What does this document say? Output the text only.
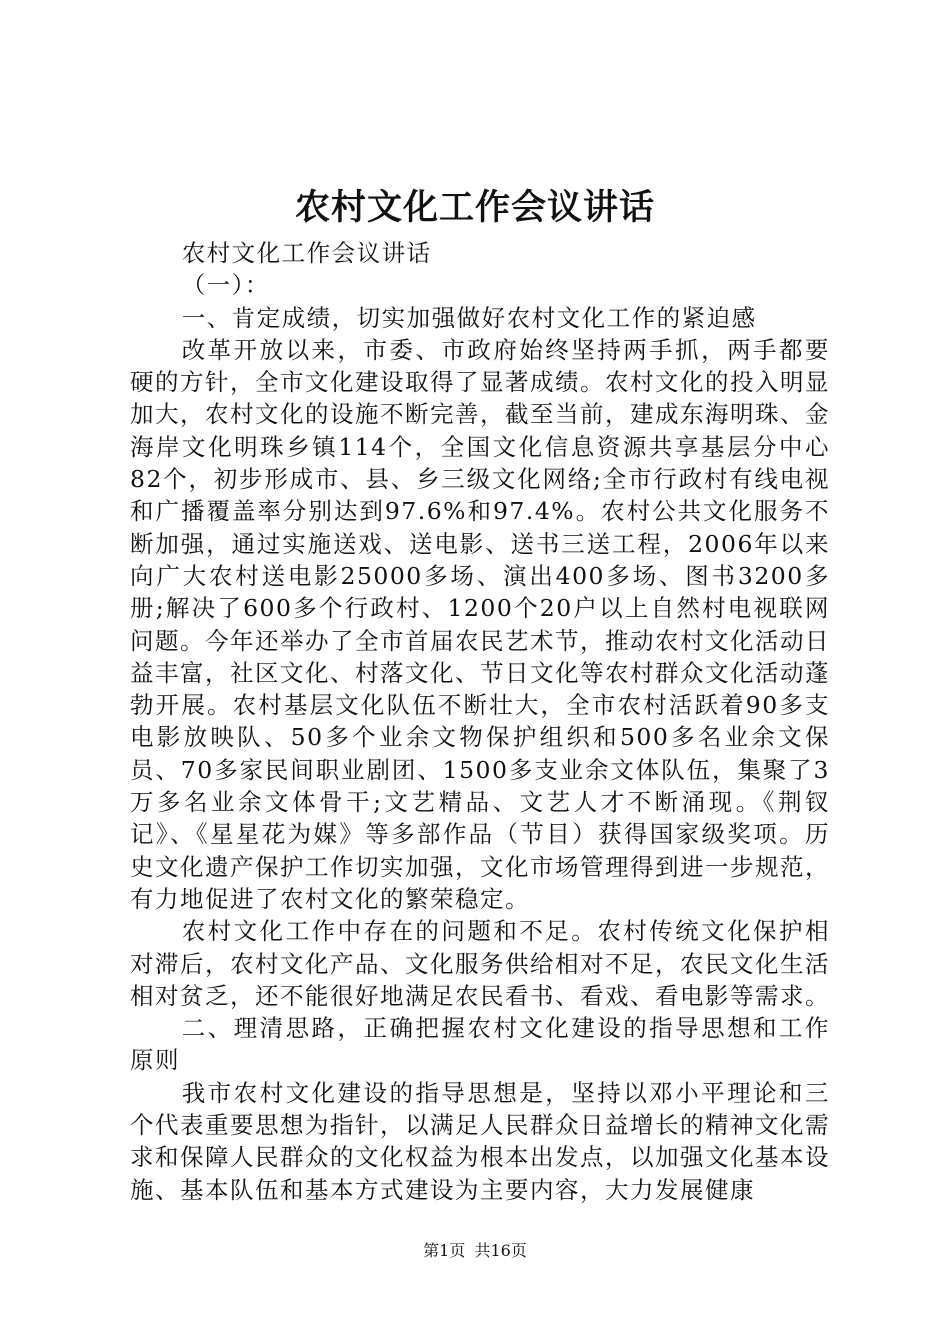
农村文化工作会议讲话

农村文化工作会议讲话

（一）：

一、肯定成绩，切实加强做好农村文化工作的紧迫感

改革开放以来，市委、市政府始终坚持两手抓，两手都要硬的方针，全市文化建设取得了显著成绩。农村文化的投入明显加大，农村文化的设施不断完善，截至当前，建成东海明珠、金海岸文化明珠乡镇114个，全国文化信息资源共享基层分中心82个，初步形成市、县、乡三级文化网络;全市行政村有线电视和广播覆盖率分别达到97.6%和97.4%。农村公共文化服务不断加强，通过实施送戏、送电影、送书三送工程，2006年以来向广大农村送电影25000多场、演出400多场、图书3200多册;解决了600多个行政村、1200个20户以上自然村电视联网问题。今年还举办了全市首届农民艺术节，推动农村文化活动日益丰富，社区文化、村落文化、节日文化等农村群众文化活动蓬勃开展。农村基层文化队伍不断壮大，全市农村活跃着90多支电影放映队、50多个业余文物保护组织和500多名业余文保员、70多家民间职业剧团、1500多支业余文体队伍，集聚了3万多名业余文体骨干;文艺精品、文艺人才不断涌现。《荆钗记》、《星星花为媒》等多部作品（节目）获得国家级奖项。历史文化遗产保护工作切实加强，文化市场管理得到进一步规范，有力地促进了农村文化的繁荣稳定。

农村文化工作中存在的问题和不足。农村传统文化保护相对滞后，农村文化产品、文化服务供给相对不足，农民文化生活相对贫乏，还不能很好地满足农民看书、看戏、看电影等需求。

二、理清思路，正确把握农村文化建设的指导思想和工作原则

我市农村文化建设的指导思想是，坚持以邓小平理论和三个代表重要思想为指针，以满足人民群众日益增长的精神文化需求和保障人民群众的文化权益为根本出发点，以加强文化基本设施、基本队伍和基本方式建设为主要内容，大力发展健康

第1页 共16页
